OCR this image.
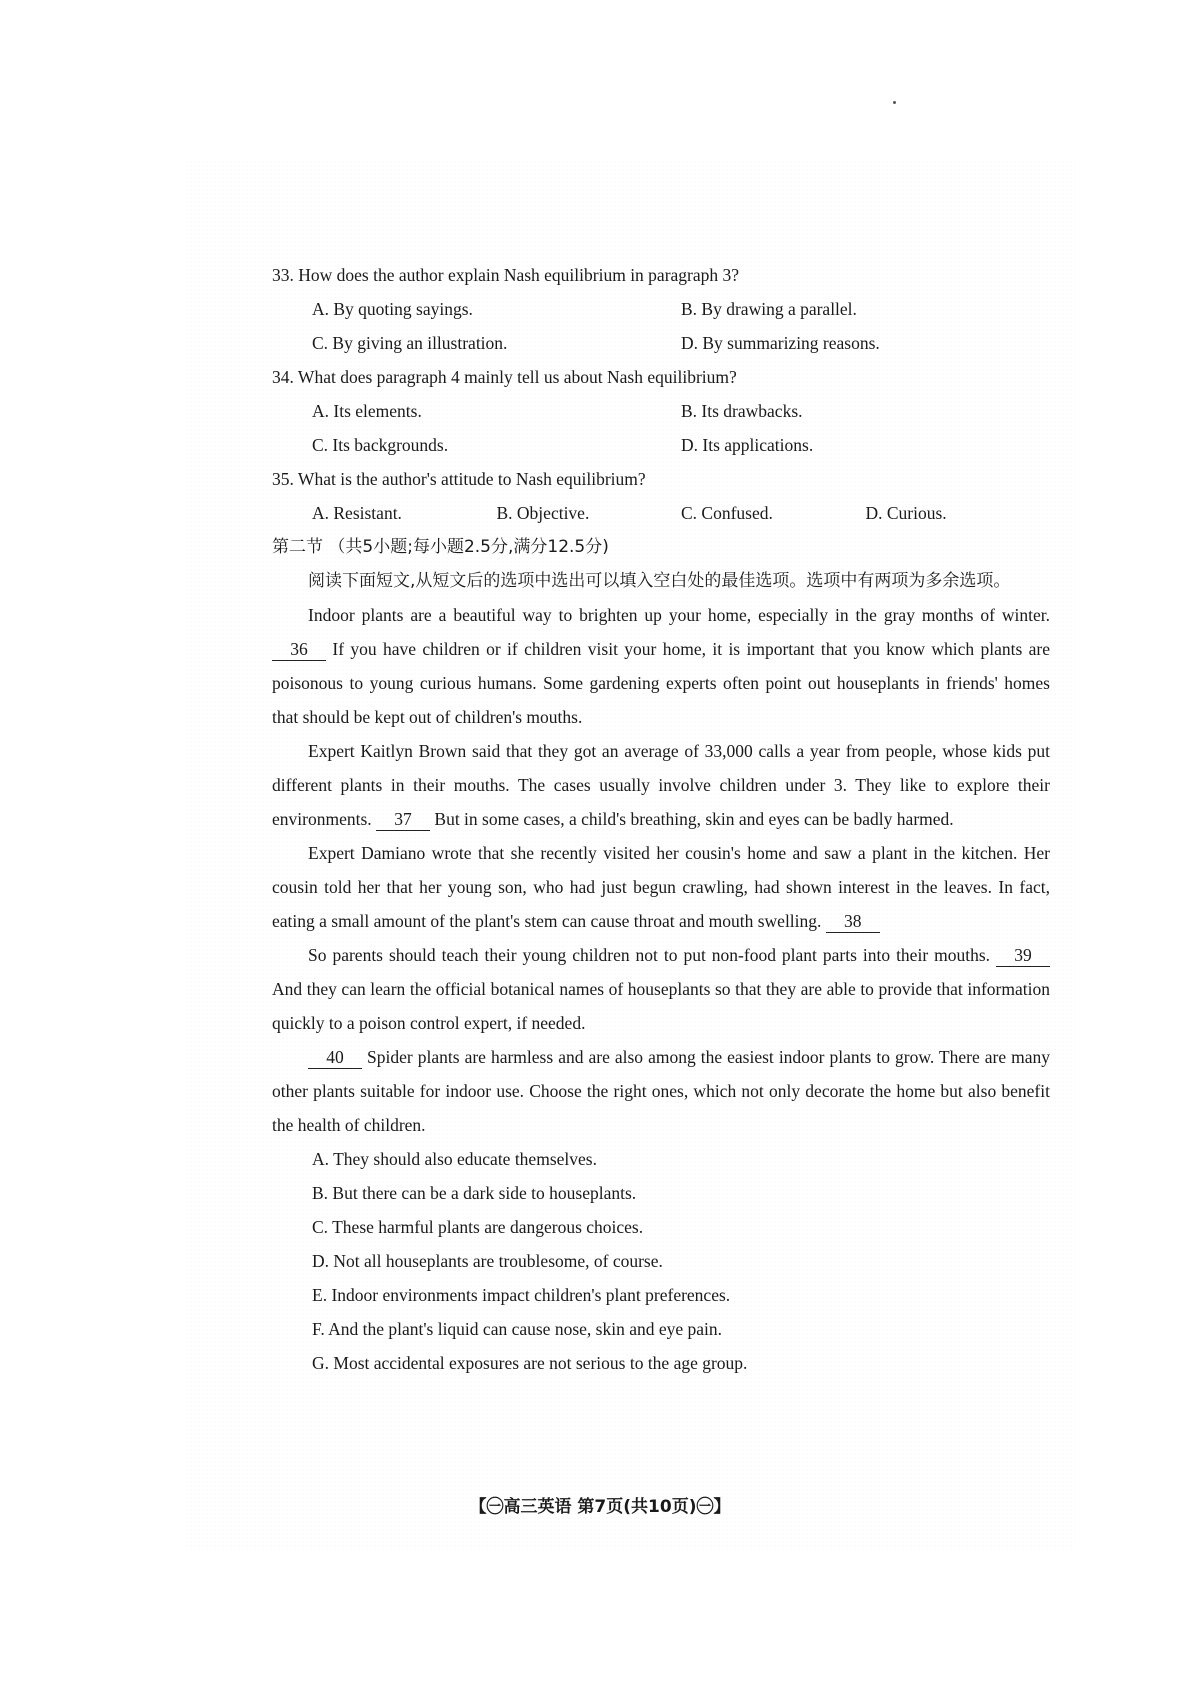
33. How does the author explain Nash equilibrium in paragraph 3?

A. By quoting sayings.	B. By drawing a parallel.
C. By giving an illustration.	D. By summarizing reasons.

34. What does paragraph 4 mainly tell us about Nash equilibrium?

A. Its elements.	B. Its drawbacks.
C. Its backgrounds.	D. Its applications.

35. What is the author's attitude to Nash equilibrium?

A. Resistant.	B. Objective.	C. Confused.	D. Curious.

第二节 （共5小题;每小题2.5分,满分12.5分)

阅读下面短文,从短文后的选项中选出可以填入空白处的最佳选项。选项中有两项为多余选项。

Indoor plants are a beautiful way to brighten up your home, especially in the gray months of winter. 36 If you have children or if children visit your home, it is important that you know which plants are poisonous to young curious humans. Some gardening experts often point out houseplants in friends' homes that should be kept out of children's mouths.

Expert Kaitlyn Brown said that they got an average of 33,000 calls a year from people, whose kids put different plants in their mouths. The cases usually involve children under 3. They like to explore their environments. 37 But in some cases, a child's breathing, skin and eyes can be badly harmed.

Expert Damiano wrote that she recently visited her cousin's home and saw a plant in the kitchen. Her cousin told her that her young son, who had just begun crawling, had shown interest in the leaves. In fact, eating a small amount of the plant's stem can cause throat and mouth swelling. 38

So parents should teach their young children not to put non-food plant parts into their mouths. 39 And they can learn the official botanical names of houseplants so that they are able to provide that information quickly to a poison control expert, if needed.

40 Spider plants are harmless and are also among the easiest indoor plants to grow. There are many other plants suitable for indoor use. Choose the right ones, which not only decorate the home but also benefit the health of children.

A. They should also educate themselves.

B. But there can be a dark side to houseplants.

C. These harmful plants are dangerous choices.

D. Not all houseplants are troublesome, of course.

E. Indoor environments impact children's plant preferences.

F. And the plant's liquid can cause nose, skin and eye pain.

G. Most accidental exposures are not serious to the age group.

【㊀高三英语 第7页(共10页)㊀】
